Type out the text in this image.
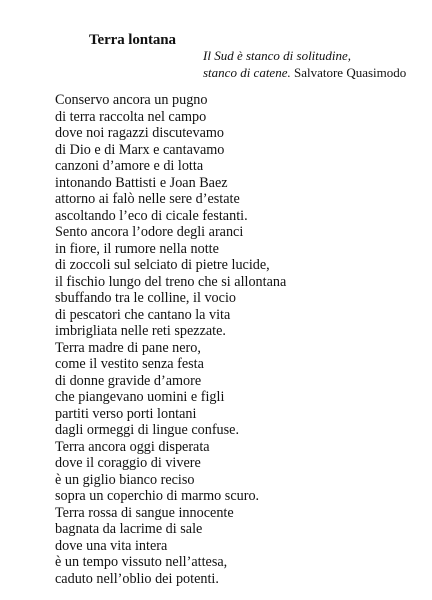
Terra lontana
Il Sud è stanco di solitudine,
stanco di catene. Salvatore Quasimodo
Conservo ancora un pugno
di terra raccolta nel campo
dove noi ragazzi discutevamo
di Dio e di Marx e cantavamo
canzoni d’amore e di lotta
intonando Battisti e Joan Baez
attorno ai falò nelle sere d’estate
ascoltando l’eco di cicale festanti.
Sento ancora l’odore degli aranci
in fiore, il rumore nella notte
di zoccoli sul selciato di pietre lucide,
il fischio lungo del treno che si allontana
sbuffando tra le colline, il vocio
di pescatori che cantano la vita
imbrigliata nelle reti spezzate.
Terra madre di pane nero,
come il vestito senza festa
di donne gravide d’amore
che piangevano uomini e figli
partiti verso porti lontani
dagli ormeggi di lingue confuse.
Terra ancora oggi disperata
dove il coraggio di vivere
è un giglio bianco reciso
sopra un coperchio di marmo scuro.
Terra rossa di sangue innocente
bagnata da lacrime di sale
dove una vita intera
è un tempo vissuto nell’attesa,
caduto nell’oblio dei potenti.
